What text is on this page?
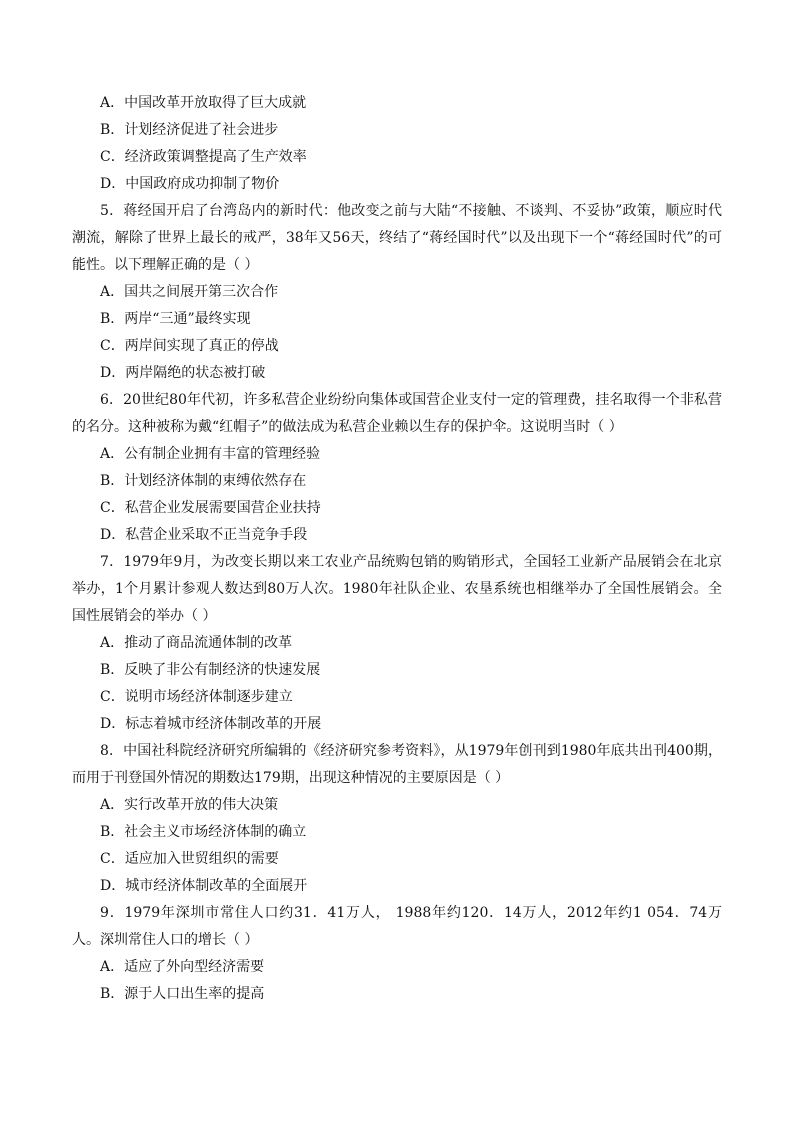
A．中国改革开放取得了巨大成就

B．计划经济促进了社会进步

C．经济政策调整提高了生产效率

D．中国政府成功抑制了物价

5．蒋经国开启了台湾岛内的新时代：他改变之前与大陆“不接触、不谈判、不妥协”政策，顺应时代潮流，解除了世界上最长的戒严，38年又56天，终结了“蒋经国时代”以及出现下一个“蒋经国时代”的可能性。以下理解正确的是（ ）

A．国共之间展开第三次合作

B．两岸“三通”最终实现

C．两岸间实现了真正的停战

D．两岸隔绝的状态被打破

6．20世纪80年代初，许多私营企业纷纷向集体或国营企业支付一定的管理费，挂名取得一个非私营的名分。这种被称为戴“红帽子”的做法成为私营企业赖以生存的保护伞。这说明当时（ ）

A．公有制企业拥有丰富的管理经验

B．计划经济体制的束缚依然存在

C．私营企业发展需要国营企业扶持

D．私营企业采取不正当竞争手段

7．1979年9月，为改变长期以来工农业产品统购包销的购销形式，全国轻工业新产品展销会在北京举办，1个月累计参观人数达到80万人次。1980年社队企业、农垦系统也相继举办了全国性展销会。全国性展销会的举办（ ）

A．推动了商品流通体制的改革

B．反映了非公有制经济的快速发展

C．说明市场经济体制逐步建立

D．标志着城市经济体制改革的开展

8．中国社科院经济研究所编辑的《经济研究参考资料》，从1979年创刊到1980年底共出刊400期，而用于刊登国外情况的期数达179期，出现这种情况的主要原因是（ ）

A．实行改革开放的伟大决策

B．社会主义市场经济体制的确立

C．适应加入世贸组织的需要

D．城市经济体制改革的全面展开

9．1979年深圳市常住人口约31．41万人， 1988年约120．14万人，2012年约1 054．74万人。深圳常住人口的增长（ ）

A．适应了外向型经济需要

B．源于人口出生率的提高
